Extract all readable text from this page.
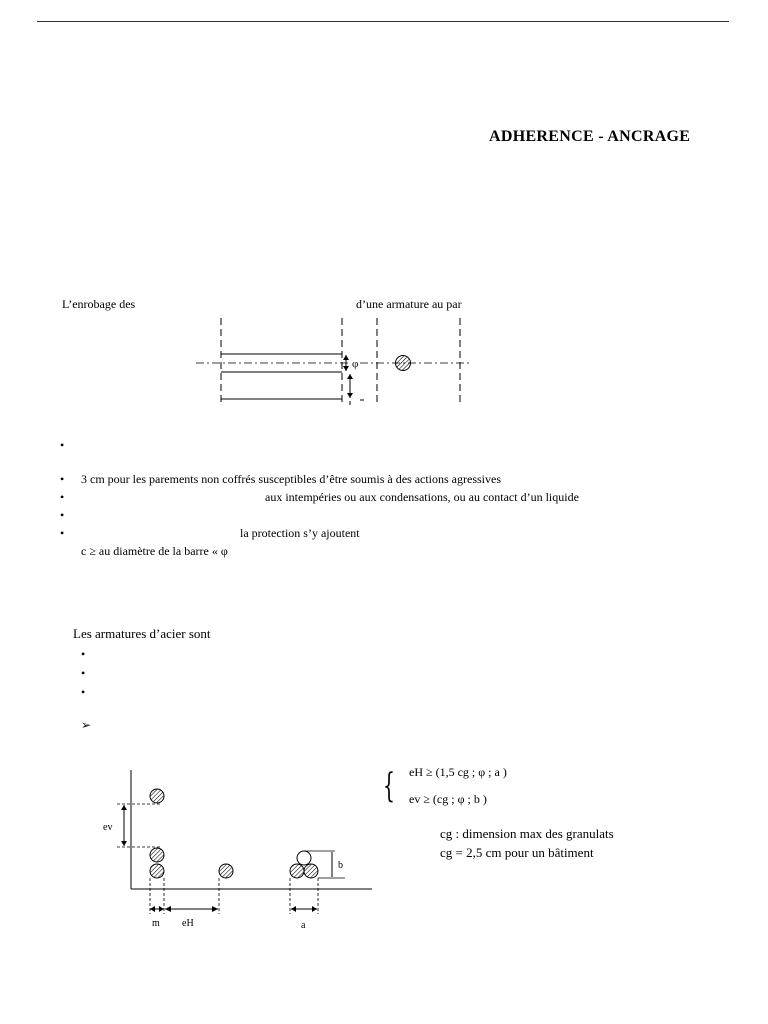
ADHERENCE - ANCRAGE
L’enrobage des	d’une armature au par
φ
•
• 3 cm pour les parements non coffrés susceptibles d’être soumis à des actions agressives
•	aux intempéries ou aux condensations, ou au contact d’un liquide
•
•	la protection s’y ajoutent
c ≥ au diamètre de la barre « φ
Les armatures d’acier sont
•
•
•
➢
ev
b
m eH	a
{ eH ≥ (1,5 cg ; φ ; a )
ev ≥ (cg ; φ ; b )
cg : dimension max des granulats
cg = 2,5 cm pour un bâtiment
